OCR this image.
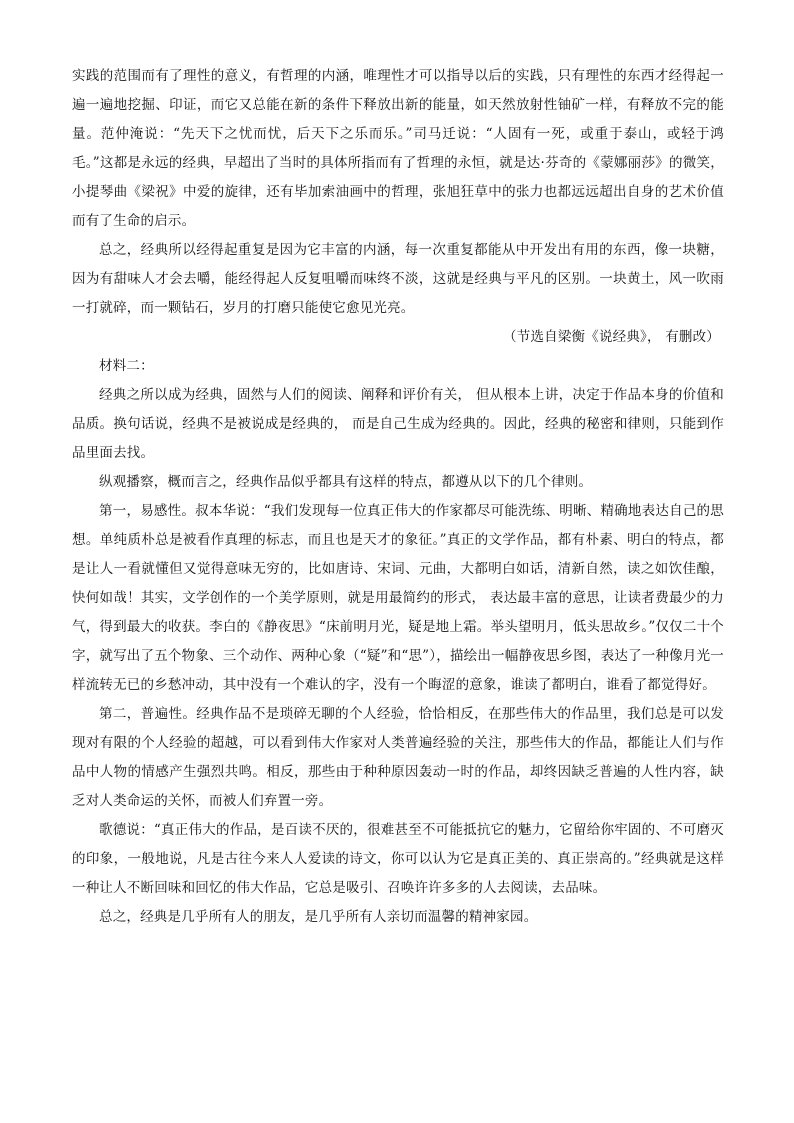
实践的范围而有了理性的意义，有哲理的内涵，唯理性才可以指导以后的实践，只有理性的东西才经得起一遍一遍地挖掘、印证，而它又总能在新的条件下释放出新的能量，如天然放射性铀矿一样，有释放不完的能量。范仲淹说：“先天下之忧而忧，后天下之乐而乐。”司马迁说：“人固有一死，或重于泰山，或轻于鸿毛。”这都是永远的经典，早超出了当时的具体所指而有了哲理的永恒，就是达·芬奇的《蒙娜丽莎》的微笑，小提琴曲《梁祝》中爱的旋律，还有毕加索油画中的哲理，张旭狂草中的张力也都远远超出自身的艺术价值而有了生命的启示。

总之，经典所以经得起重复是因为它丰富的内涵，每一次重复都能从中开发出有用的东西，像一块糖，因为有甜味人才会去嚼，能经得起人反复咀嚼而味终不淡，这就是经典与平凡的区别。一块黄土，风一吹雨一打就碎，而一颗钻石，岁月的打磨只能使它愈见光亮。

（节选自梁衡《说经典》， 有删改）

材料二：

经典之所以成为经典，固然与人们的阅读、阐释和评价有关， 但从根本上讲，决定于作品本身的价值和品质。换句话说，经典不是被说成是经典的， 而是自己生成为经典的。因此，经典的秘密和律则，只能到作品里面去找。

纵观播察，概而言之，经典作品似乎都具有这样的特点，都遵从以下的几个律则。

第一，易感性。叔本华说：“我们发现每一位真正伟大的作家都尽可能洗练、明晰、精确地表达自己的思想。单纯质朴总是被看作真理的标志，而且也是天才的象征。”真正的文学作品，都有朴素、明白的特点，都是让人一看就懂但又觉得意味无穷的，比如唐诗、宋词、元曲，大都明白如话，清新自然，读之如饮佳酿，快何如哉！其实，文学创作的一个美学原则，就是用最简约的形式， 表达最丰富的意思，让读者费最少的力气，得到最大的收获。李白的《静夜思》“床前明月光，疑是地上霜。举头望明月，低头思故乡。”仅仅二十个字，就写出了五个物象、三个动作、两种心象（“疑”和“思”），描绘出一幅静夜思乡图，表达了一种像月光一样流转无已的乡愁冲动，其中没有一个难认的字，没有一个晦涩的意象，谁读了都明白，谁看了都觉得好。

第二，普遍性。经典作品不是琐碎无聊的个人经验，恰恰相反，在那些伟大的作品里，我们总是可以发现对有限的个人经验的超越，可以看到伟大作家对人类普遍经验的关注，那些伟大的作品，都能让人们与作品中人物的情感产生强烈共鸣。相反，那些由于种种原因轰动一时的作品，却终因缺乏普遍的人性内容，缺乏对人类命运的关怀，而被人们弃置一旁。

歌德说：“真正伟大的作品，是百读不厌的，很难甚至不可能抵抗它的魅力，它留给你牢固的、不可磨灭的印象，一般地说，凡是古往今来人人爱读的诗文，你可以认为它是真正美的、真正崇高的。”经典就是这样一种让人不断回味和回忆的伟大作品，它总是吸引、召唤许许多多的人去阅读，去品味。

总之，经典是几乎所有人的朋友，是几乎所有人亲切而温馨的精神家园。
